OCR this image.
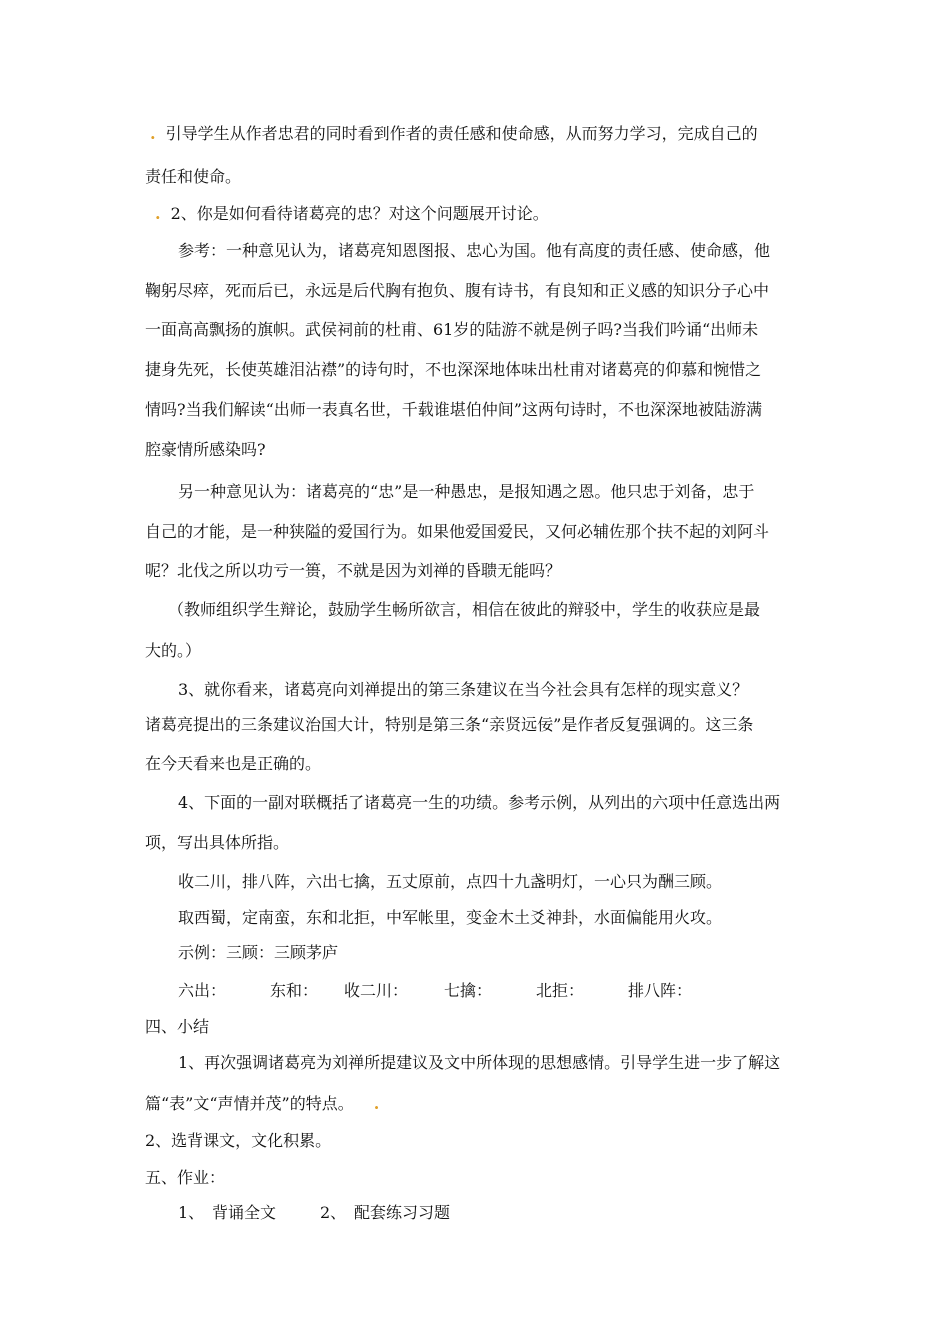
. 引导学生从作者忠君的同时看到作者的责任感和使命感，从而努力学习，完成自己的
责任和使命。
. 2、你是如何看待诸葛亮的忠？对这个问题展开讨论。
参考：一种意见认为，诸葛亮知恩图报、忠心为国。他有高度的责任感、使命感，他
鞠躬尽瘁，死而后已，永远是后代胸有抱负、腹有诗书，有良知和正义感的知识分子心中
一面高高飘扬的旗帜。武侯祠前的杜甫、61岁的陆游不就是例子吗?当我们吟诵“出师未
捷身先死，长使英雄泪沾襟”的诗句时，不也深深地体味出杜甫对诸葛亮的仰慕和惋惜之
情吗?当我们解读“出师一表真名世，千载谁堪伯仲间”这两句诗时，不也深深地被陆游满
腔豪情所感染吗?
另一种意见认为：诸葛亮的“忠”是一种愚忠，是报知遇之恩。他只忠于刘备，忠于
自己的才能，是一种狭隘的爱国行为。如果他爱国爱民，又何必辅佐那个扶不起的刘阿斗
呢？北伐之所以功亏一篑，不就是因为刘禅的昏聩无能吗？
（教师组织学生辩论，鼓励学生畅所欲言，相信在彼此的辩驳中，学生的收获应是最
大的。）
3、就你看来，诸葛亮向刘禅提出的第三条建议在当今社会具有怎样的现实意义？
诸葛亮提出的三条建议治国大计，特别是第三条“亲贤远佞”是作者反复强调的。这三条
在今天看来也是正确的。
4、下面的一副对联概括了诸葛亮一生的功绩。参考示例，从列出的六项中任意选出两
项，写出具体所指。
收二川，排八阵，六出七擒，五丈原前，点四十九盏明灯，一心只为酬三顾。
取西蜀，定南蛮，东和北拒，中军帐里，变金木土爻神卦，水面偏能用火攻。
示例：三顾：三顾茅庐
六出：	东和： 收二川： 七擒：	北拒：	排八阵：
四、小结
1、再次强调诸葛亮为刘禅所提建议及文中所体现的思想感情。引导学生进一步了解这
篇“表”文“声情并茂”的特点。 .
2、选背课文，文化积累。
五、作业：
1、 背诵全文	2、 配套练习习题
